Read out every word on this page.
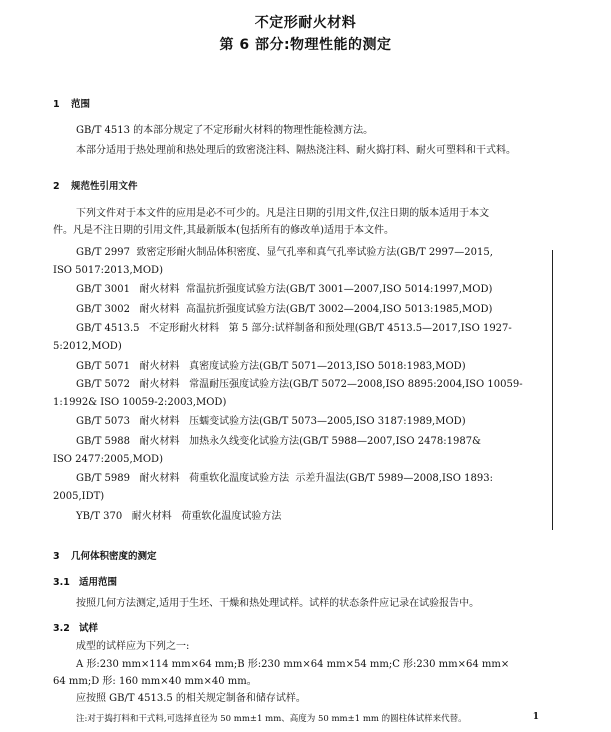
不定形耐火材料
第 6 部分:物理性能的测定
1 范围
GB/T 4513 的本部分规定了不定形耐火材料的物理性能检测方法。
本部分适用于热处理前和热处理后的致密浇注料、隔热浇注料、耐火捣打料、耐火可塑料和干式料。
2 规范性引用文件
下列文件对于本文件的应用是必不可少的。凡是注日期的引用文件,仅注日期的版本适用于本文
件。凡是不注日期的引用文件,其最新版本(包括所有的修改单)适用于本文件。
GB/T 2997  致密定形耐火制品体积密度、显气孔率和真气孔率试验方法(GB/T 2997—2015,
ISO 5017:2013,MOD)
GB/T 3001   耐火材料  常温抗折强度试验方法(GB/T 3001—2007,ISO 5014:1997,MOD)
GB/T 3002   耐火材料  高温抗折强度试验方法(GB/T 3002—2004,ISO 5013:1985,MOD)
GB/T 4513.5   不定形耐火材料   第 5 部分:试样制备和预处理(GB/T 4513.5—2017,ISO 1927-
5:2012,MOD)
GB/T 5071   耐火材料   真密度试验方法(GB/T 5071—2013,ISO 5018:1983,MOD)
GB/T 5072   耐火材料   常温耐压强度试验方法(GB/T 5072—2008,ISO 8895:2004,ISO 10059-
1:1992& ISO 10059-2:2003,MOD)
GB/T 5073   耐火材料   压蠕变试验方法(GB/T 5073—2005,ISO 3187:1989,MOD)
GB/T 5988   耐火材料   加热永久线变化试验方法(GB/T 5988—2007,ISO 2478:1987&
ISO 2477:2005,MOD)
GB/T 5989   耐火材料   荷重软化温度试验方法  示差升温法(GB/T 5989—2008,ISO 1893:
2005,IDT)
YB/T 370   耐火材料   荷重软化温度试验方法
3 几何体积密度的测定
3.1 适用范围
按照几何方法测定,适用于生坯、干燥和热处理试样。试样的状态条件应记录在试验报告中。
3.2 试样
成型的试样应为下列之一:
A 形:230 mm×114 mm×64 mm;B 形:230 mm×64 mm×54 mm;C 形:230 mm×64 mm×
64 mm;D 形: 160 mm×40 mm×40 mm。
应按照 GB/T 4513.5 的相关规定制备和储存试样。
注:对于捣打料和干式料,可选择直径为 50 mm±1 mm、高度为 50 mm±1 mm 的圆柱体试样来代替。	1
